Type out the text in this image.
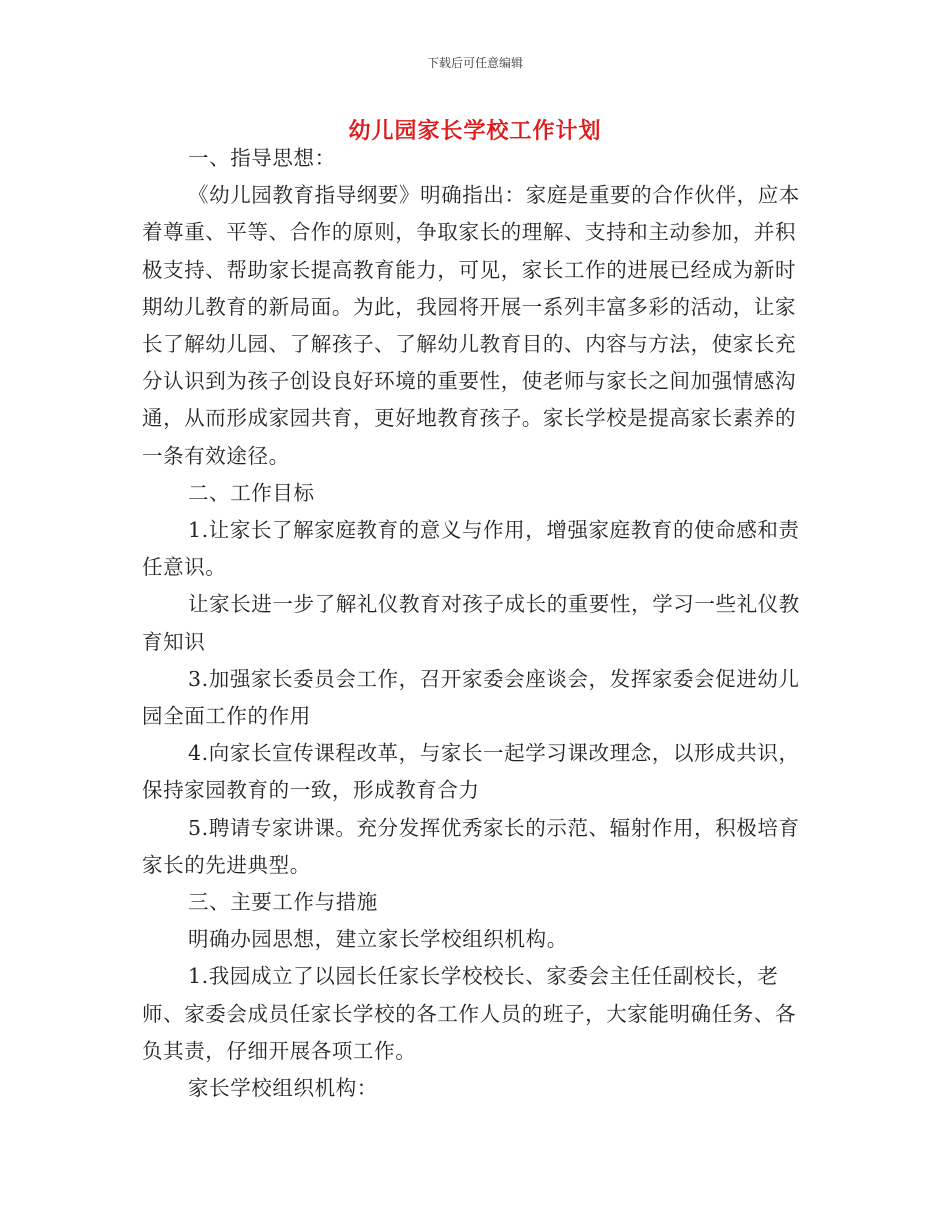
下载后可任意编辑
幼儿园家长学校工作计划

一、指导思想：

《幼儿园教育指导纲要》明确指出：家庭是重要的合作伙伴，应本着尊重、平等、合作的原则，争取家长的理解、支持和主动参加，并积极支持、帮助家长提高教育能力，可见，家长工作的进展已经成为新时期幼儿教育的新局面。为此，我园将开展一系列丰富多彩的活动，让家长了解幼儿园、了解孩子、了解幼儿教育目的、内容与方法，使家长充分认识到为孩子创设良好环境的重要性，使老师与家长之间加强情感沟通，从而形成家园共育，更好地教育孩子。家长学校是提高家长素养的一条有效途径。

二、工作目标

1.让家长了解家庭教育的意义与作用，增强家庭教育的使命感和责任意识。

让家长进一步了解礼仪教育对孩子成长的重要性，学习一些礼仪教育知识

3.加强家长委员会工作，召开家委会座谈会，发挥家委会促进幼儿园全面工作的作用

4.向家长宣传课程改革，与家长一起学习课改理念，以形成共识，保持家园教育的一致，形成教育合力

5.聘请专家讲课。充分发挥优秀家长的示范、辐射作用，积极培育家长的先进典型。

三、主要工作与措施

明确办园思想，建立家长学校组织机构。

1.我园成立了以园长任家长学校校长、家委会主任任副校长，老师、家委会成员任家长学校的各工作人员的班子，大家能明确任务、各负其责，仔细开展各项工作。

家长学校组织机构：
